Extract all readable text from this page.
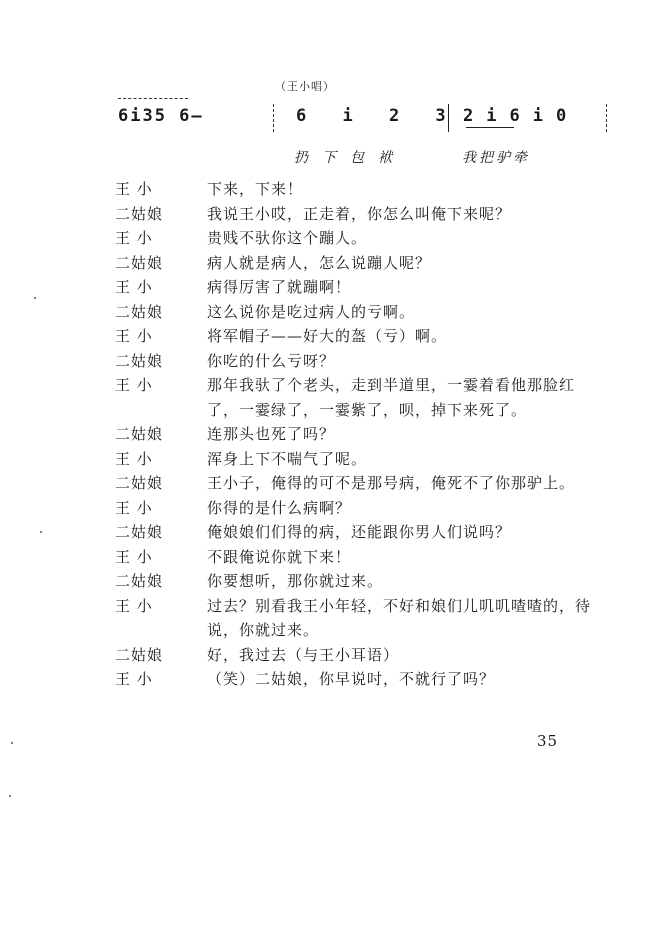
（王小唱）
6i35 6—	6 i 2 3 2i6i0
扔下包袱	我把驴牵
王 小	下来，下来！
二姑娘	我说王小哎，正走着，你怎么叫俺下来呢？
王 小	贵贱不驮你这个蹦人。
二姑娘	病人就是病人，怎么说蹦人呢？
王 小	病得厉害了就蹦啊！
二姑娘	这么说你是吃过病人的亏啊。
王 小	将军帽子——好大的盔（亏）啊。
二姑娘	你吃的什么亏呀？
王 小	那年我驮了个老头，走到半道里，一霎着看他那脸红了，一霎绿了，一霎紫了，呗，掉下来死了。
二姑娘	连那头也死了吗？
王 小	浑身上下不喘气了呢。
二姑娘	王小子，俺得的可不是那号病，俺死不了你那驴上。
王 小	你得的是什么病啊？
二姑娘	俺娘娘们们得的病，还能跟你男人们说吗？
王 小	不跟俺说你就下来！
二姑娘	你要想听，那你就过来。
王 小	过去？别看我王小年轻，不好和娘们儿叽叽喳喳的，待说，你就过来。
二姑娘	好，我过去（与王小耳语）
王 小	（笑）二姑娘，你早说吋，不就行了吗？
35
